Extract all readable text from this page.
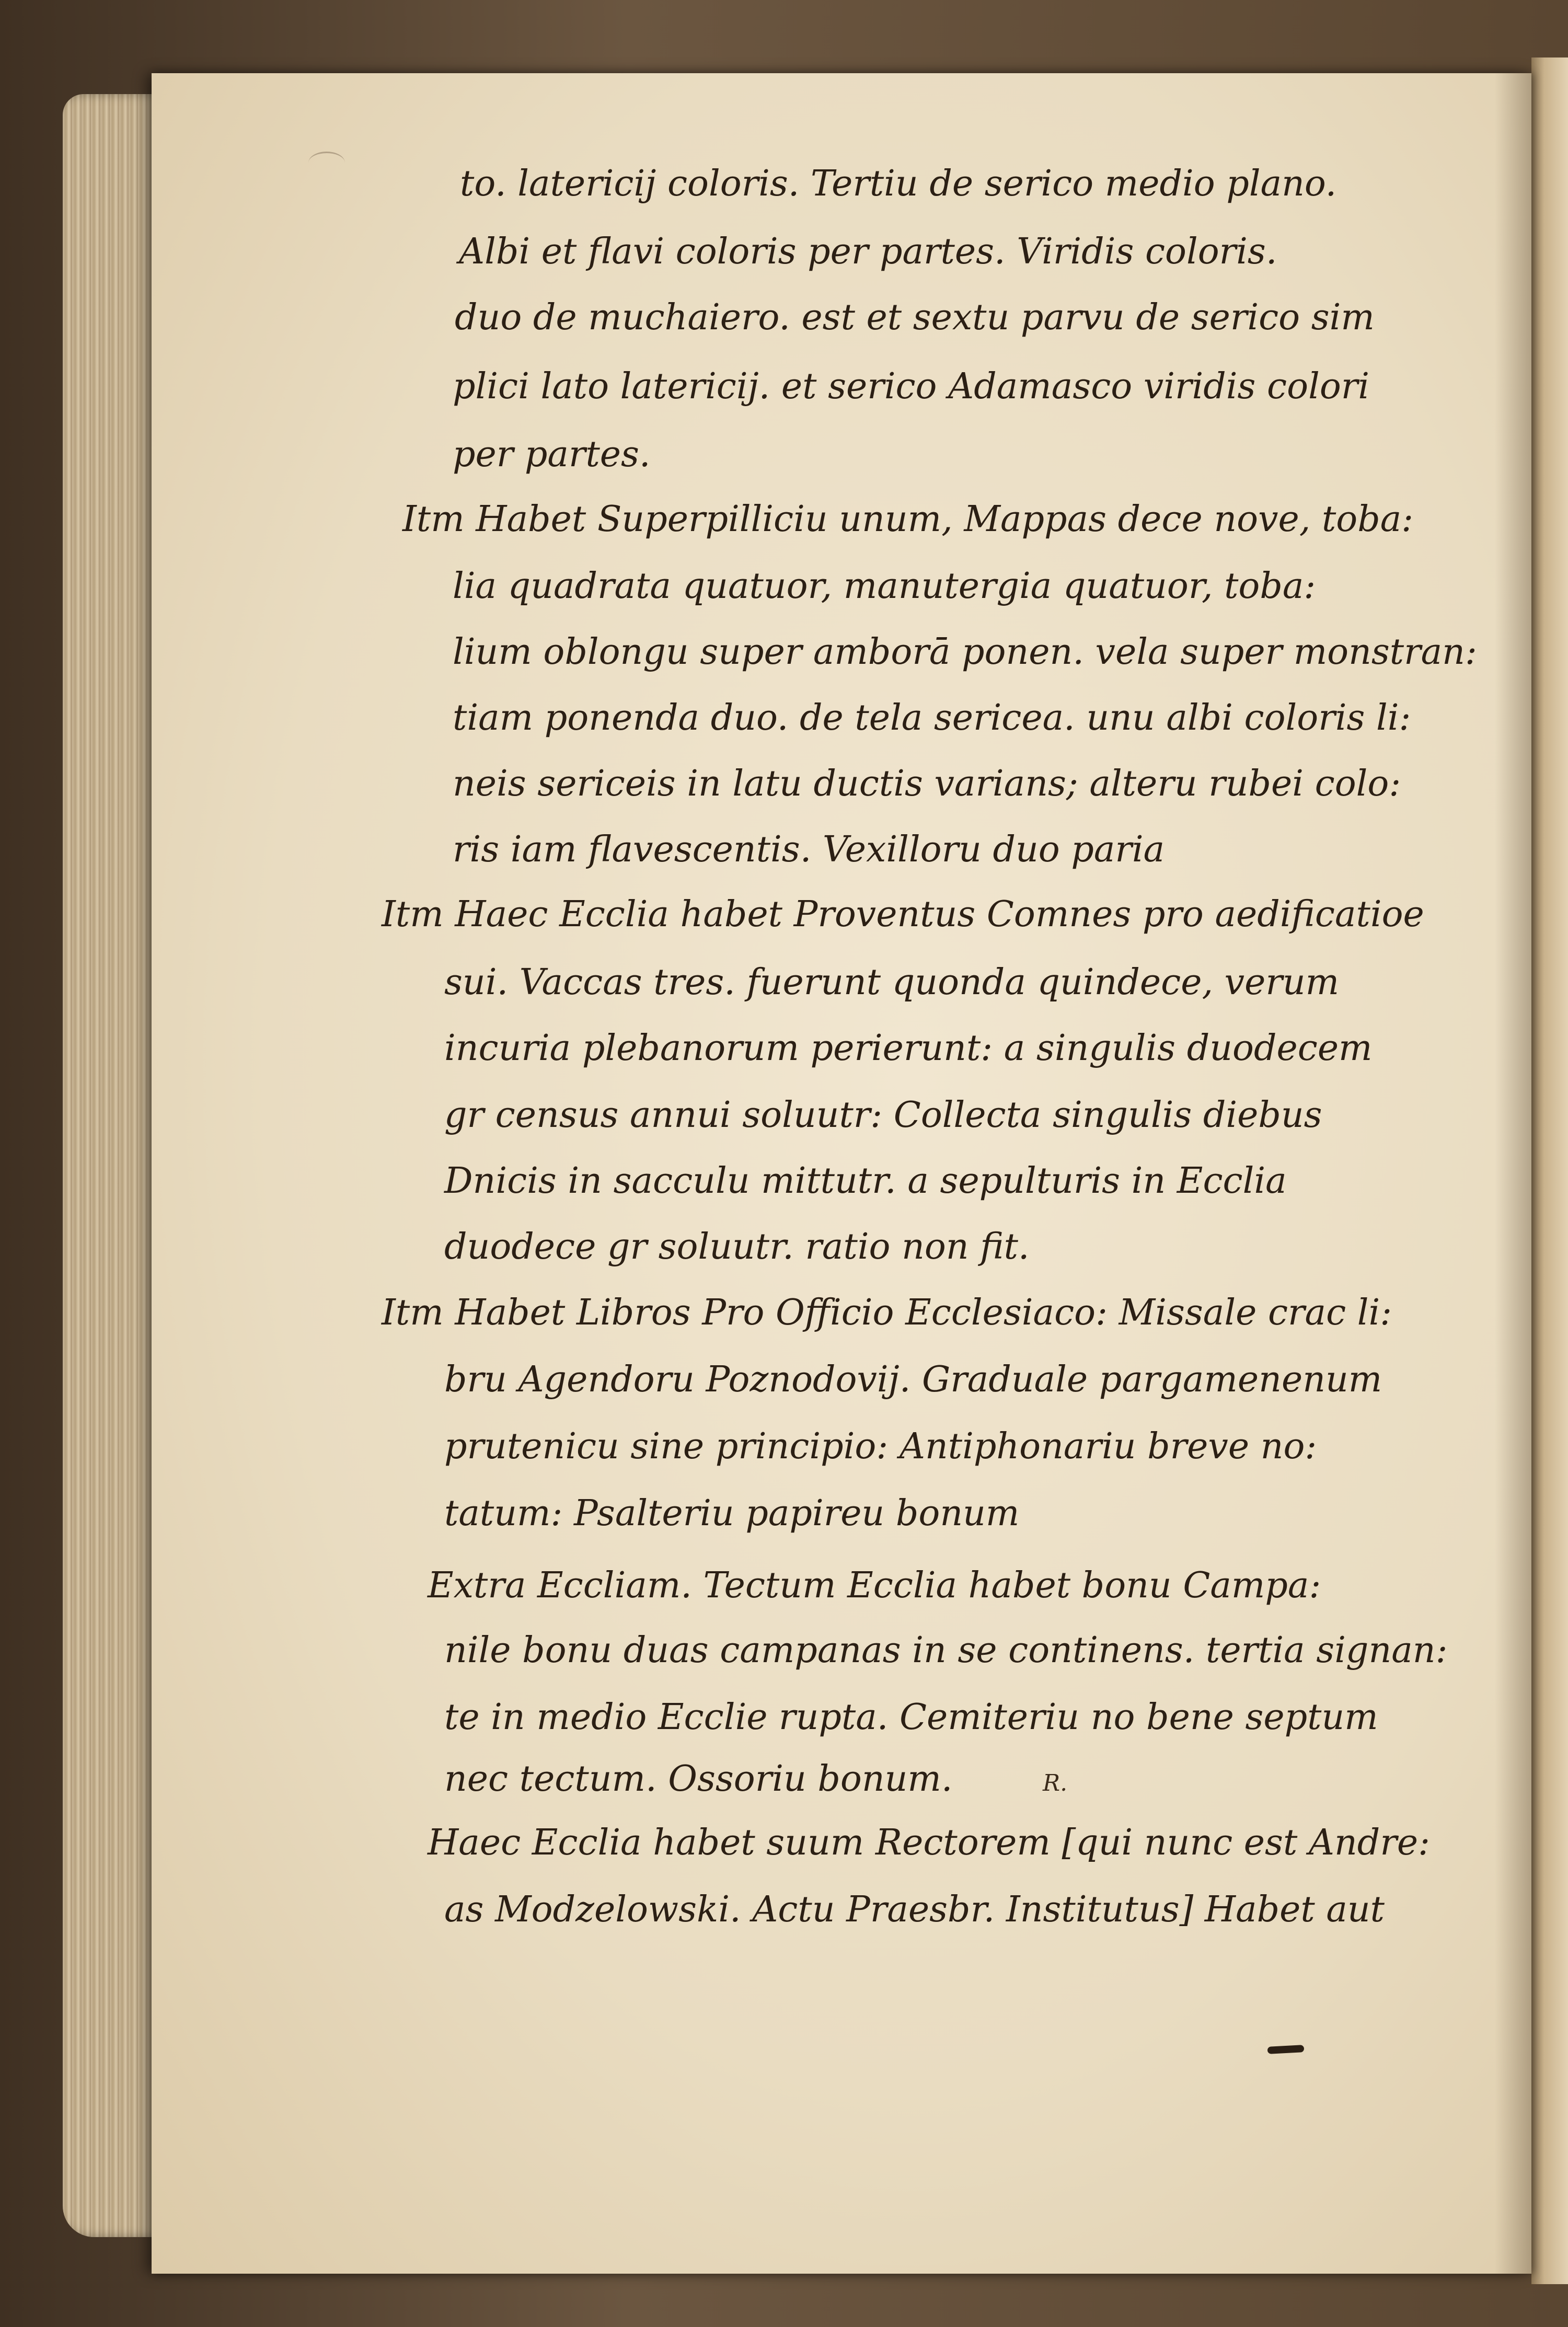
to. latericij coloris. Tertiu de serico medio plano.
Albi et flavi coloris per partes. Viridis coloris.
duo de muchaiero. est et sextu parvu de serico sim
plici lato latericij. et serico Adamasco viridis colori
per partes.
Itm Habet Superpilliciu unum, Mappas dece nove, toba:
lia quadrata quatuor, manutergia quatuor, toba:
lium oblongu super amborā ponen. vela super monstran:
tiam ponenda duo. de tela sericea. unu albi coloris li:
neis sericeis in latu ductis varians; alteru rubei colo:
ris iam flavescentis. Vexilloru duo paria
Itm Haec Ecclia habet Proventus Comnes pro aedificatioe
sui. Vaccas tres. fuerunt quonda quindece, verum
incuria plebanorum perierunt: a singulis duodecem
gr census annui soluutr: Collecta singulis diebus
Dnicis in sacculu mittutr. a sepulturis in Ecclia
duodece gr soluutr. ratio non fit.
Itm Habet Libros Pro Officio Ecclesiaco: Missale crac li:
bru Agendoru Poznodovij. Graduale pargamenenum
prutenicu sine principio: Antiphonariu breve no:
tatum: Psalteriu papireu bonum
Extra Eccliam. Tectum Ecclia habet bonu Campa:
nile bonu duas campanas in se continens. tertia signan:
te in medio Ecclie rupta. Cemiteriu no bene septum
nec tectum. Ossoriu bonum.	R.
Haec Ecclia habet suum Rectorem [qui nunc est Andre:
as Modzelowski. Actu Praesbr. Institutus] Habet aut
